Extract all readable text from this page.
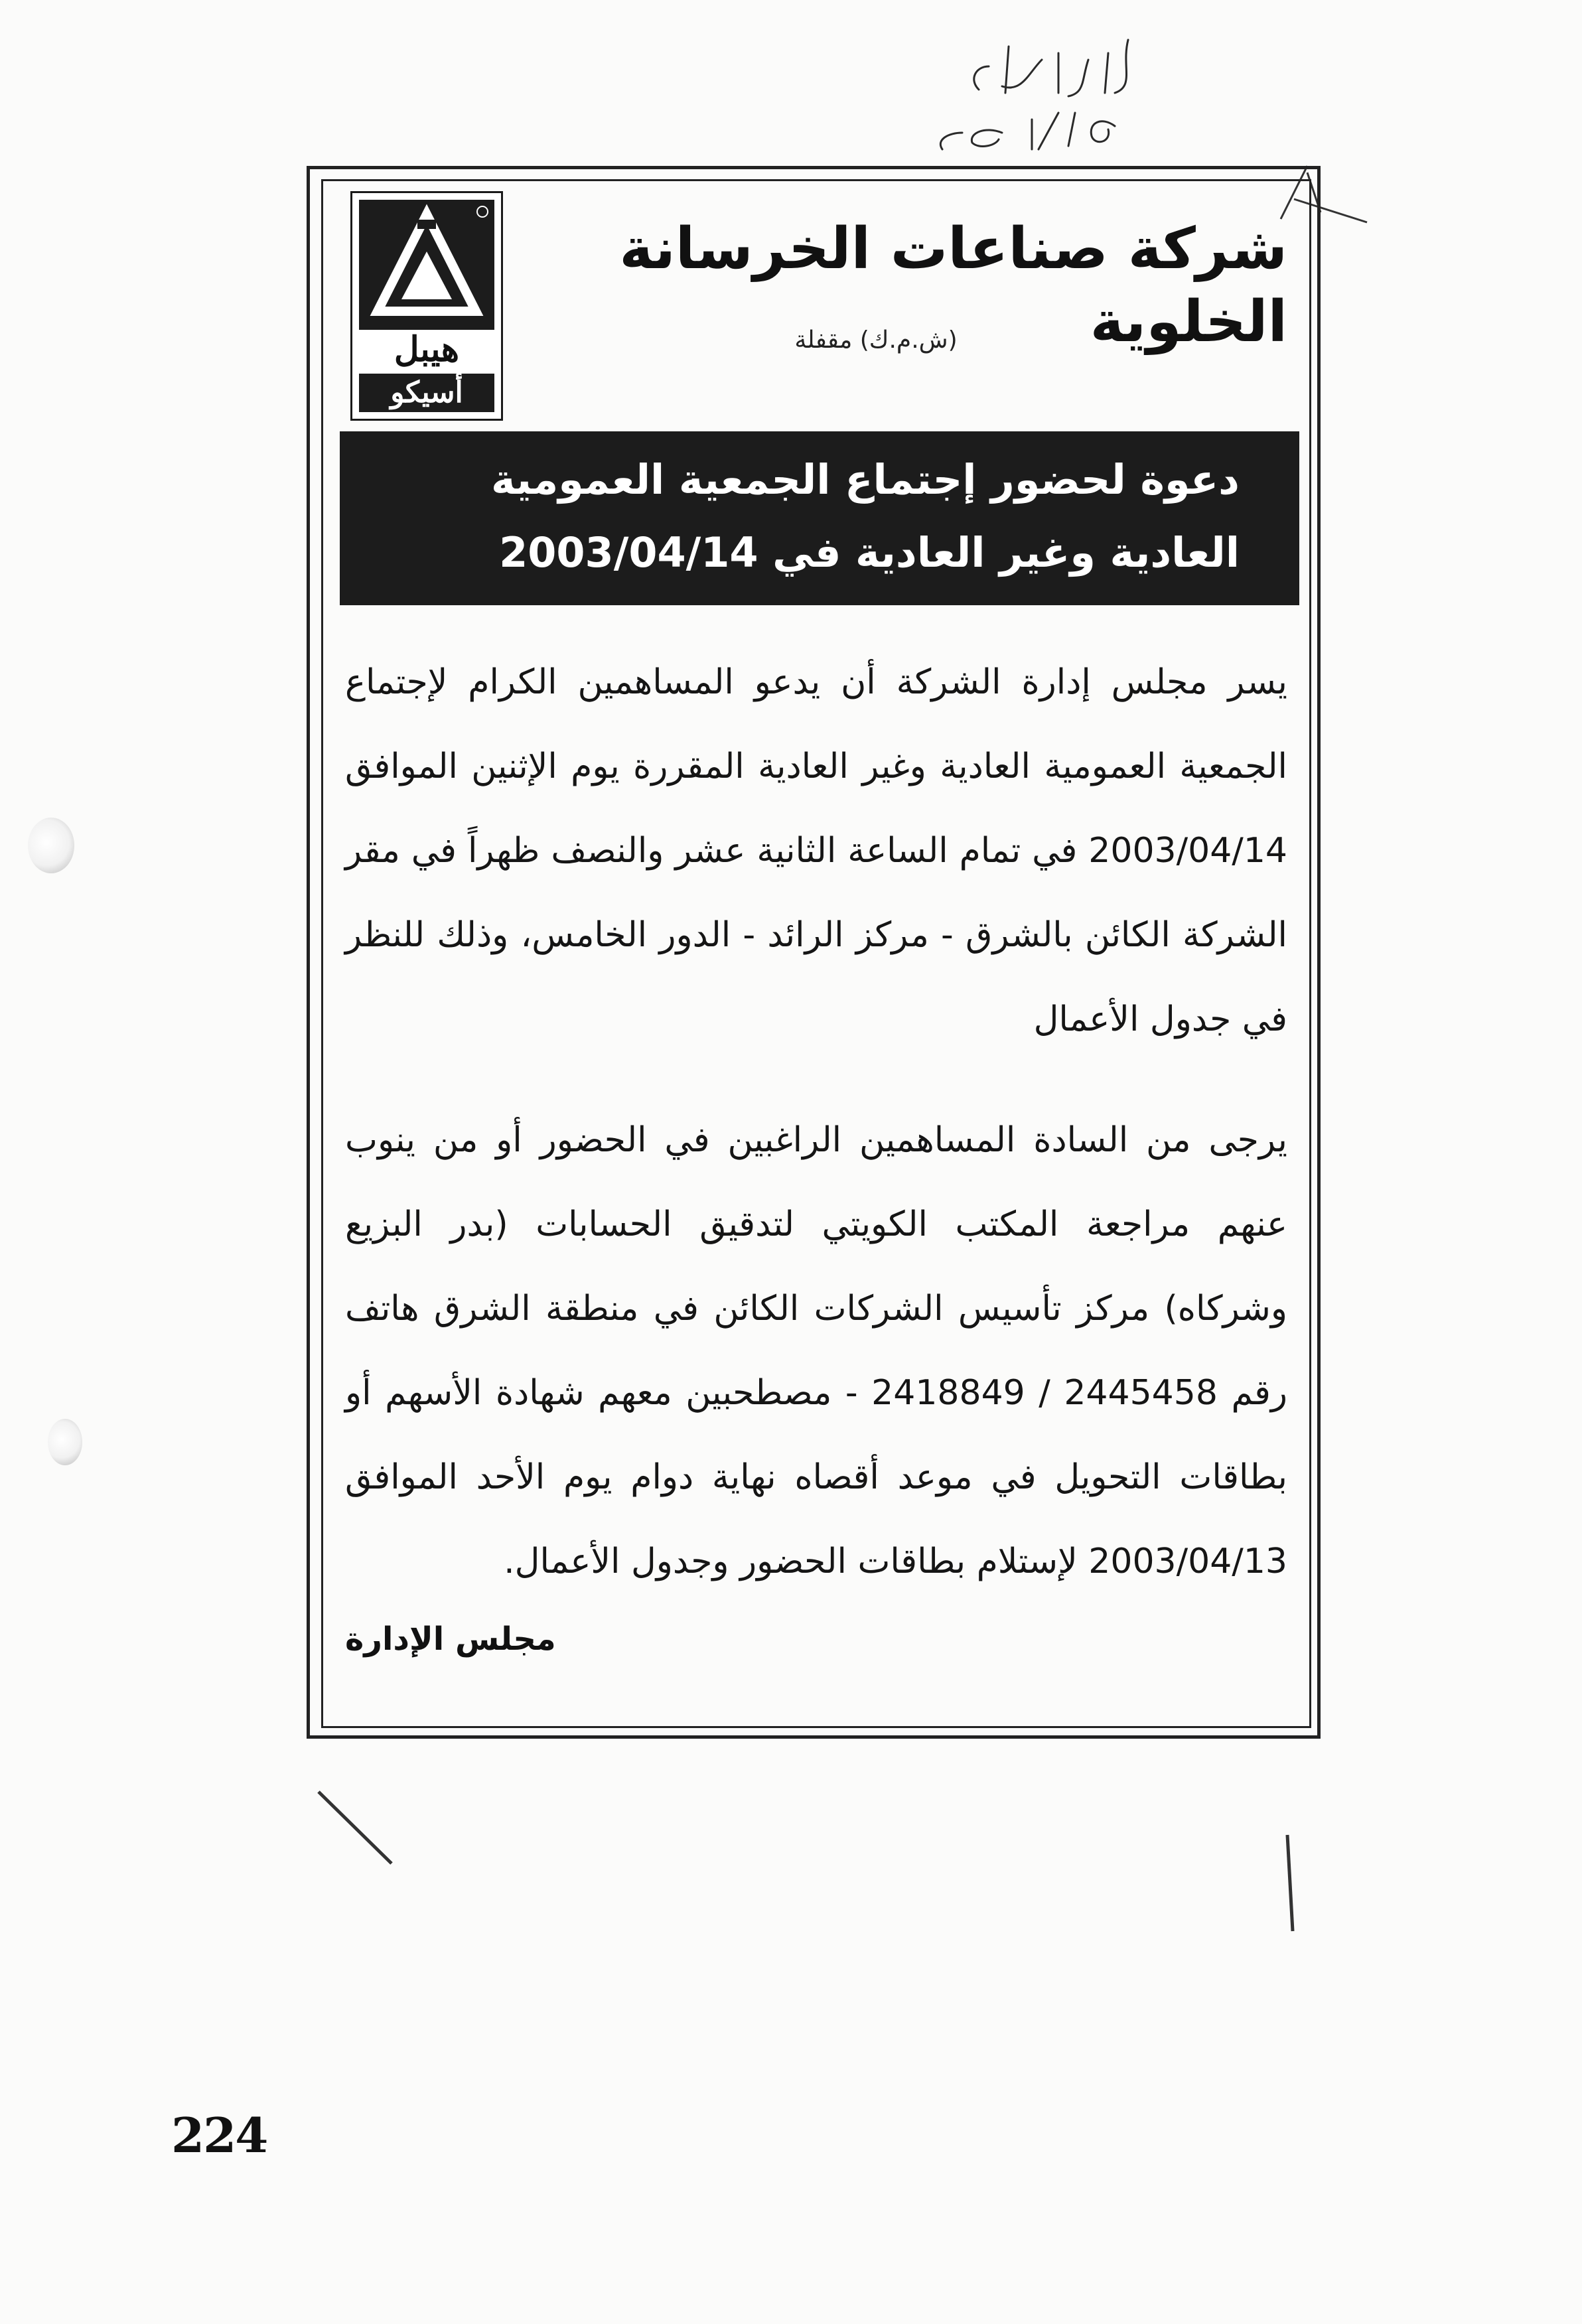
هيبل
أسيكو
شركة صناعات الخرسانة الخلوية
(ش.م.ك) مقفلة
دعوة لحضور إجتماع الجمعية العمومية
العادية وغير العادية في 2003/04/14
يسر مجلس إدارة الشركة أن يدعو المساهمين الكرام لإجتماع الجمعية العمومية العادية وغير العادية المقررة يوم الإثنين الموافق 2003/04/14 في تمام الساعة الثانية عشر والنصف ظهراً في مقر الشركة الكائن بالشرق - مركز الرائد - الدور الخامس، وذلك للنظر في جدول الأعمال
يرجى من السادة المساهمين الراغبين في الحضور أو من ينوب عنهم مراجعة المكتب الكويتي لتدقيق الحسابات (بدر البزيع وشركاه) مركز تأسيس الشركات الكائن في منطقة الشرق هاتف رقم 2445458 / 2418849 - مصطحبين معهم شهادة الأسهم أو بطاقات التحويل في موعد أقصاه نهاية دوام يوم الأحد الموافق 2003/04/13 لإستلام بطاقات الحضور وجدول الأعمال.
مجلس الإدارة
224
